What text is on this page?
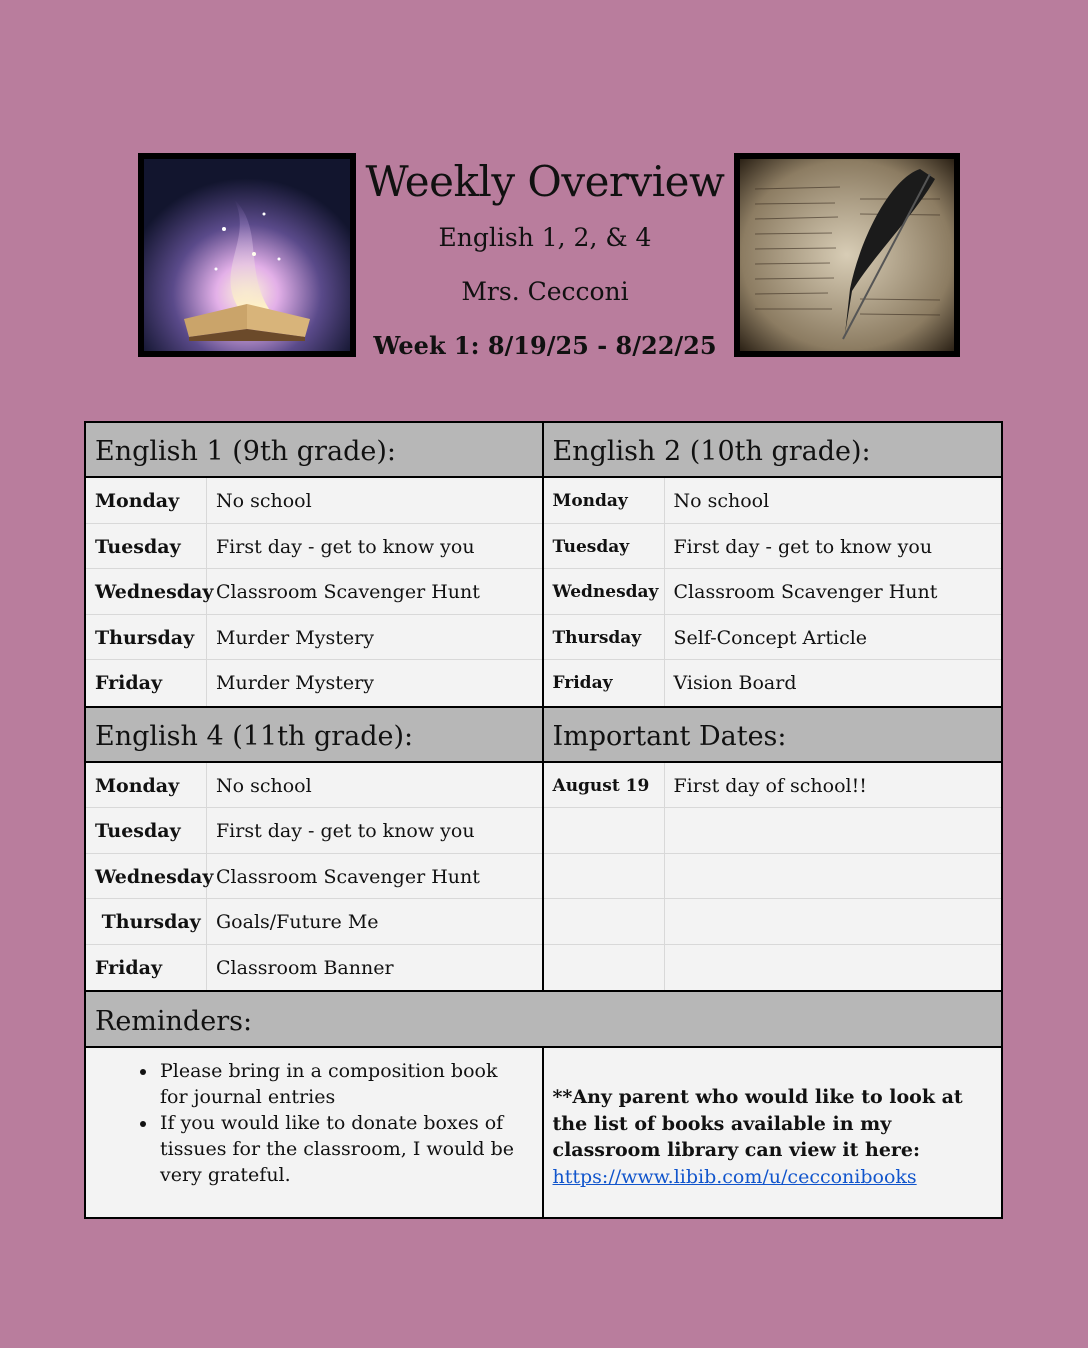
Weekly Overview
English 1, 2, & 4
Mrs. Cecconi
Week 1: 8/19/25 - 8/22/25
English 1 (9th grade):
Monday	No school
Tuesday	First day - get to know you
Wednesday Classroom Scavenger Hunt
Thursday	Murder Mystery
Friday	Murder Mystery
English 2 (10th grade):
Monday	No school
Tuesday	First day - get to know you
Wednesday Classroom Scavenger Hunt
Thursday	Self-Concept Article
Friday	Vision Board
English 4 (11th grade):
Monday	No school
Tuesday	First day - get to know you
Wednesday Classroom Scavenger Hunt
Thursday Goals/Future Me
Friday	Classroom Banner
Important Dates:
August 19	First day of school!!
Reminders:
• Please bring in a composition book for journal entries
• If you would like to donate boxes of tissues for the classroom, I would be very grateful.
**Any parent who would like to look at the list of books available in my classroom library can view it here: https://www.libib.com/u/cecconibooks
